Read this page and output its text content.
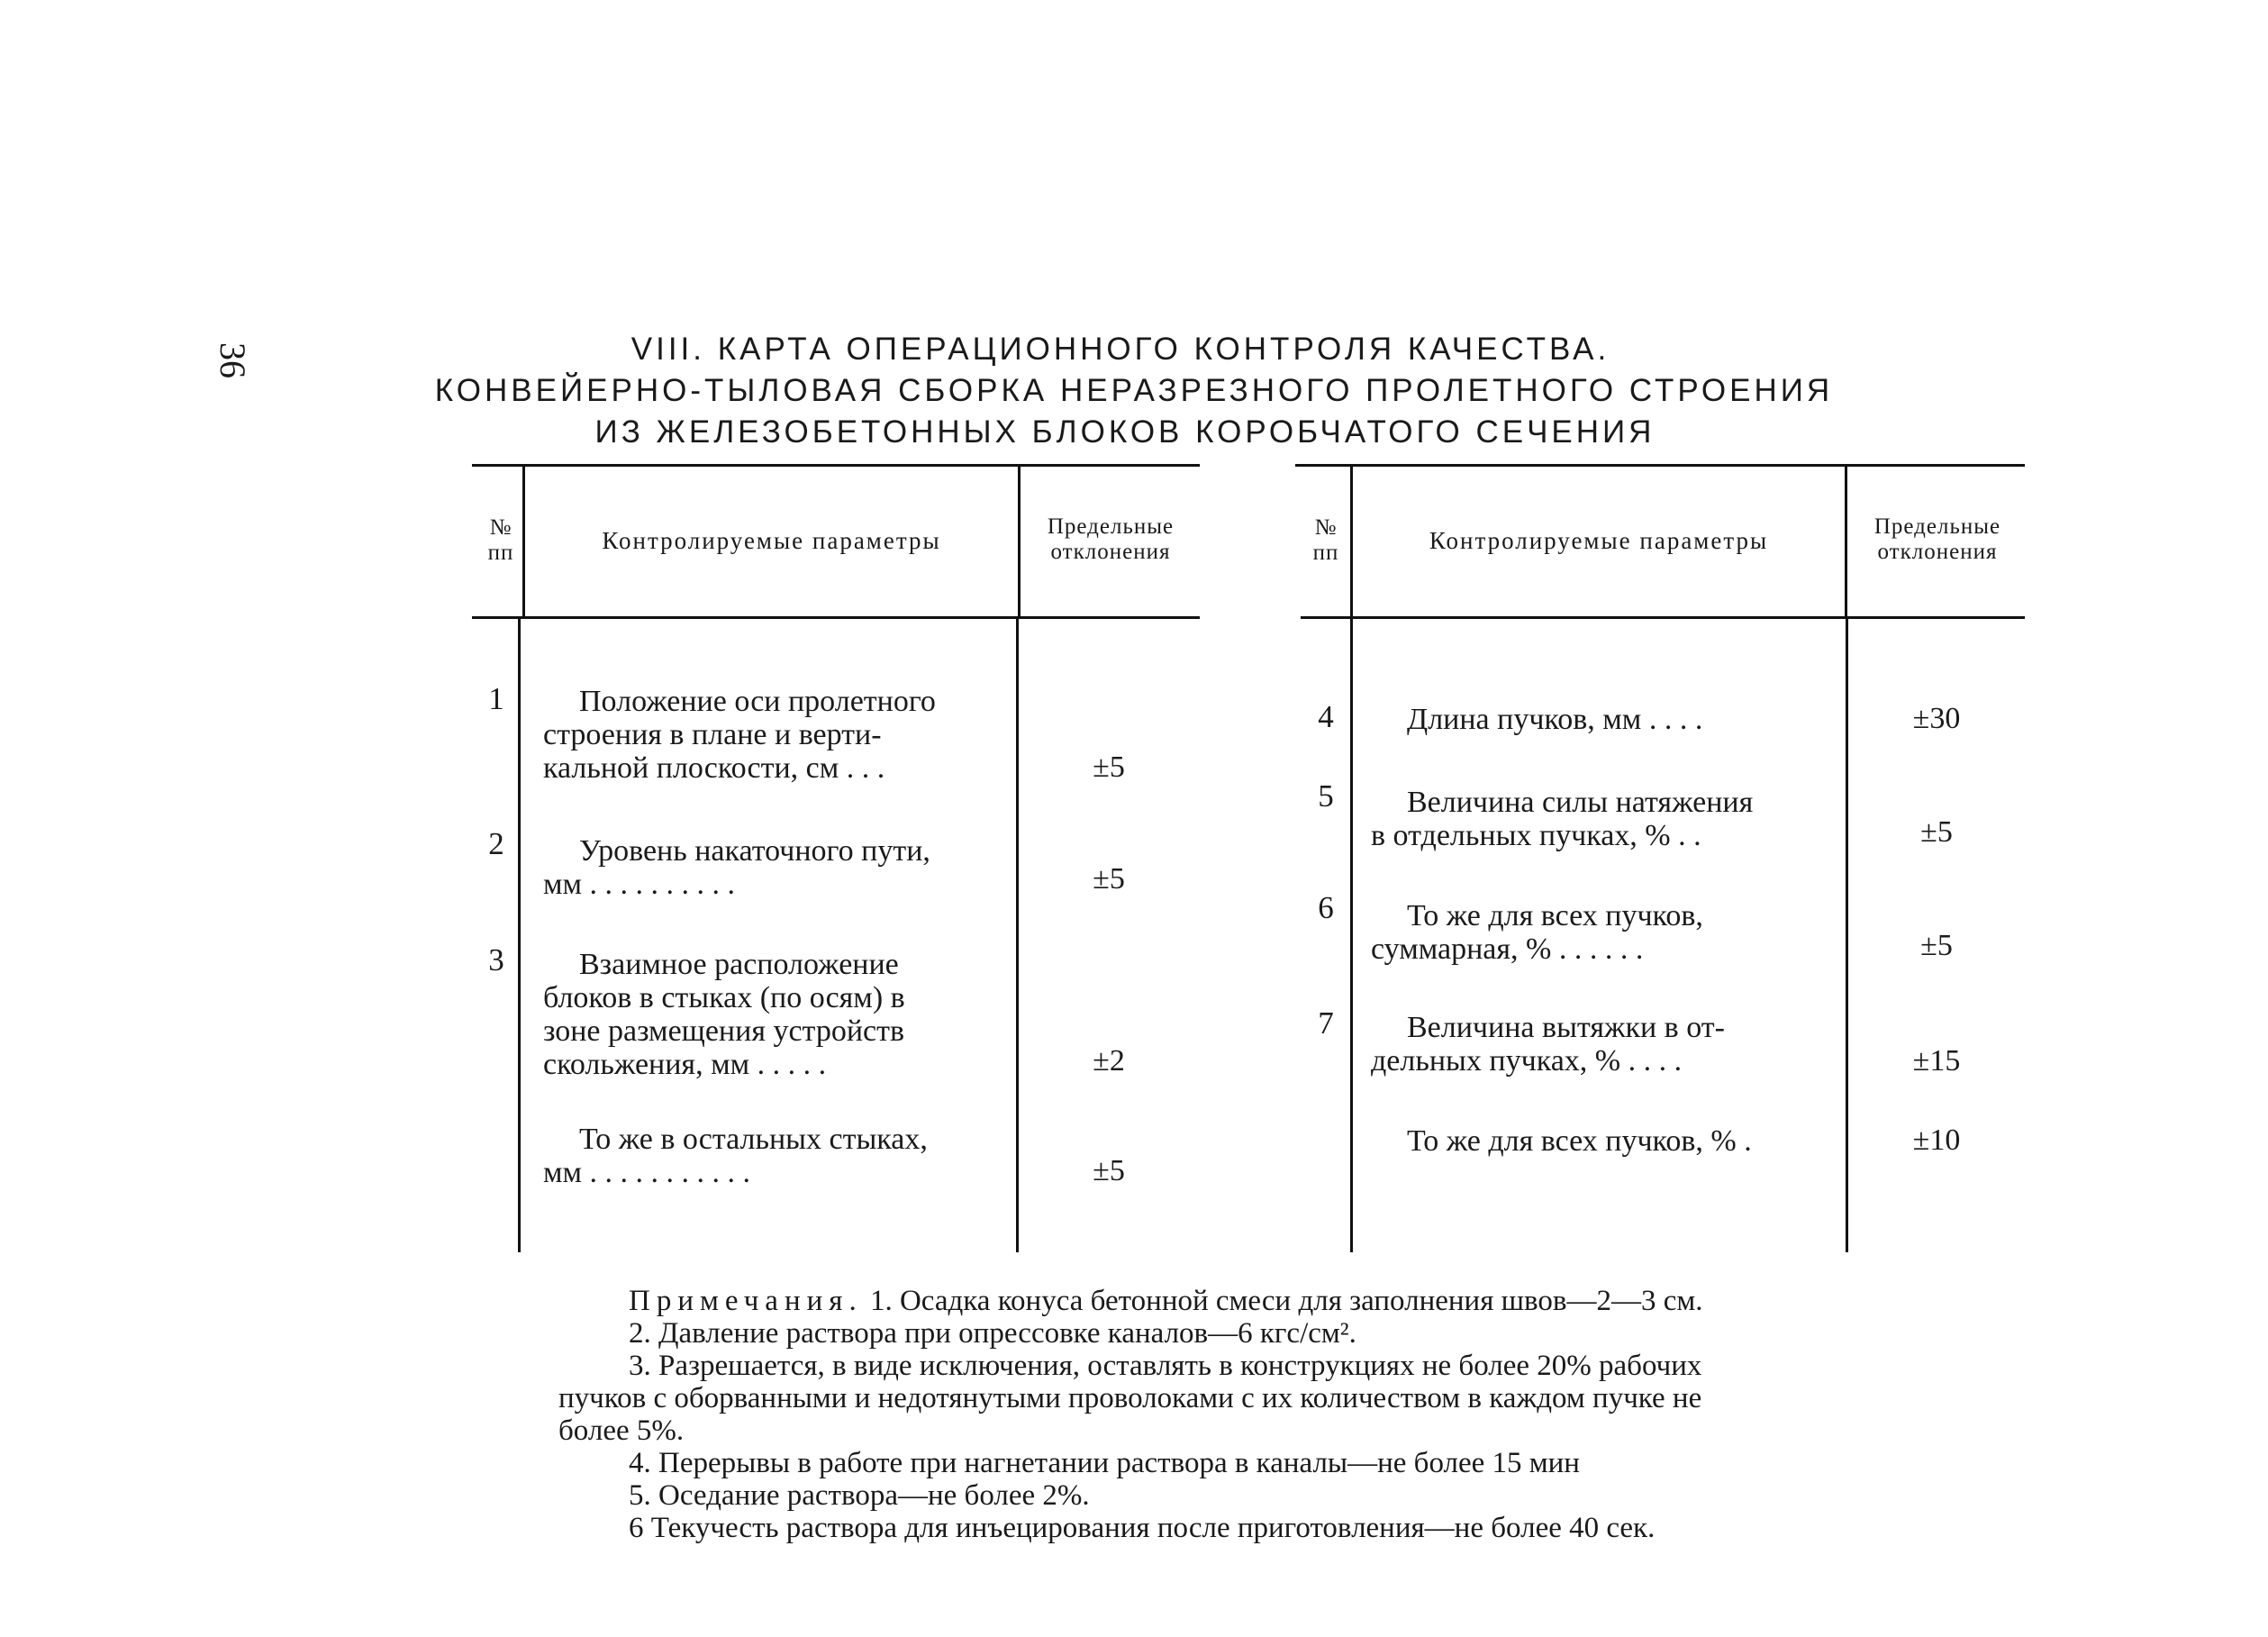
36	VIII. КАРТА ОПЕРАЦИОННОГО КОНТРОЛЯ КАЧЕСТВА.
КОНВЕЙЕРНО-ТЫЛОВАЯ СБОРКА НЕРАЗРЕЗНОГО ПРОЛЕТНОГО СТРОЕНИЯ
ИЗ ЖЕЛЕЗОБЕТОННЫХ БЛОКОВ КОРОБЧАТОГО СЕЧЕНИЯ
№
пп	Контролируемые параметры
Предельные
отклонения
№
пп	Контролируемые параметры
Предельные
отклонения
1	Положение оси пролетного
строения в плане и верти-
кальной плоскости, см . . .	±5
2	Уровень накаточного пути,
мм . . . . . . . . . .	±5
3	Взаимное расположение
блоков в стыках (по осям) в
зоне размещения устройств
скольжения, мм . . . . .	±2
То же в остальных стыках,
мм . . . . . . . . . . .	±5
4	Длина пучков, мм . . . .	±30
5	Величина силы натяжения
в отдельных пучках, % . .	±5
6	То же для всех пучков,
суммарная, % . . . . . .	±5
7	Величина вытяжки в от-
дельных пучках, % . . . .	±15
То же для всех пучков, % .	±10
Примечания. 1. Осадка конуса бетонной смеси для заполнения швов—2—3 см.
2. Давление раствора при опрессовке каналов—6 кгс/см².
3. Разрешается, в виде исключения, оставлять в конструкциях не более 20% рабочих
пучков с оборванными и недотянутыми проволоками с их количеством в каждом пучке не
более 5%.
4. Перерывы в работе при нагнетании раствора в каналы—не более 15 мин
5. Оседание раствора—не более 2%.
6 Текучесть раствора для инъецирования после приготовления—не более 40 сек.
